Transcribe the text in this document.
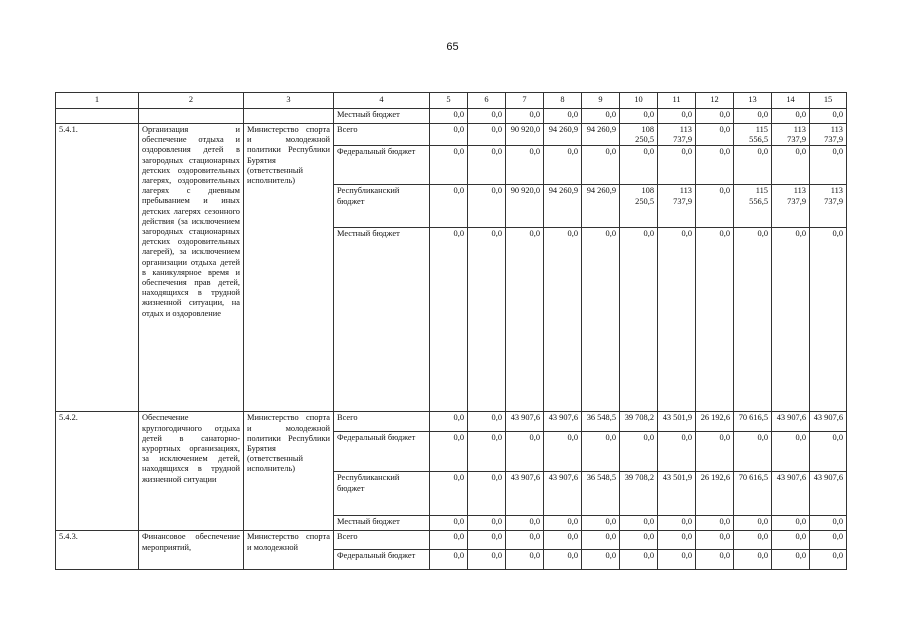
65
1	2	3	4	5	6	7	8	9	10	11	12	13	14	15
			Местный бюджет	0,0	0,0	0,0	0,0	0,0	0,0	0,0	0,0	0,0	0,0	0,0
5.4.1.	Организация и обеспечение отдыха и оздоровления детей в загородных стационарных детских оздоровительных лагерях, оздоровительных лагерях с дневным пребыванием и иных детских лагерях сезонного действия (за исключением загородных стационарных детских оздоровительных лагерей), за исключением организации отдыха детей в каникулярное время и обеспечения прав детей, находящихся в трудной жизненной ситуации, на отдых и оздоровление	Министерство спорта и молодежной политики Республики Бурятия (ответственный исполнитель)	Всего	0,0	0,0	90 920,0	94 260,9	94 260,9	108 250,5	113 737,9	0,0	115 556,5	113 737,9	113 737,9
			Федеральный бюджет	0,0	0,0	0,0	0,0	0,0	0,0	0,0	0,0	0,0	0,0	0,0
			Республиканский бюджет	0,0	0,0	90 920,0	94 260,9	94 260,9	108 250,5	113 737,9	0,0	115 556,5	113 737,9	113 737,9
			Местный бюджет	0,0	0,0	0,0	0,0	0,0	0,0	0,0	0,0	0,0	0,0	0,0
5.4.2.	Обеспечение круглогодичного отдыха детей в санаторно-курортных организациях, за исключением детей, находящихся в трудной жизненной ситуации	Министерство спорта и молодежной политики Республики Бурятия (ответственный исполнитель)	Всего	0,0	0,0	43 907,6	43 907,6	36 548,5	39 708,2	43 501,9	26 192,6	70 616,5	43 907,6	43 907,6
			Федеральный бюджет	0,0	0,0	0,0	0,0	0,0	0,0	0,0	0,0	0,0	0,0	0,0
			Республиканский бюджет	0,0	0,0	43 907,6	43 907,6	36 548,5	39 708,2	43 501,9	26 192,6	70 616,5	43 907,6	43 907,6
			Местный бюджет	0,0	0,0	0,0	0,0	0,0	0,0	0,0	0,0	0,0	0,0	0,0
5.4.3.	Финансовое обеспечение мероприятий,	Министерство спорта и молодежной	Всего	0,0	0,0	0,0	0,0	0,0	0,0	0,0	0,0	0,0	0,0	0,0
			Федеральный бюджет	0,0	0,0	0,0	0,0	0,0	0,0	0,0	0,0	0,0	0,0	0,0
